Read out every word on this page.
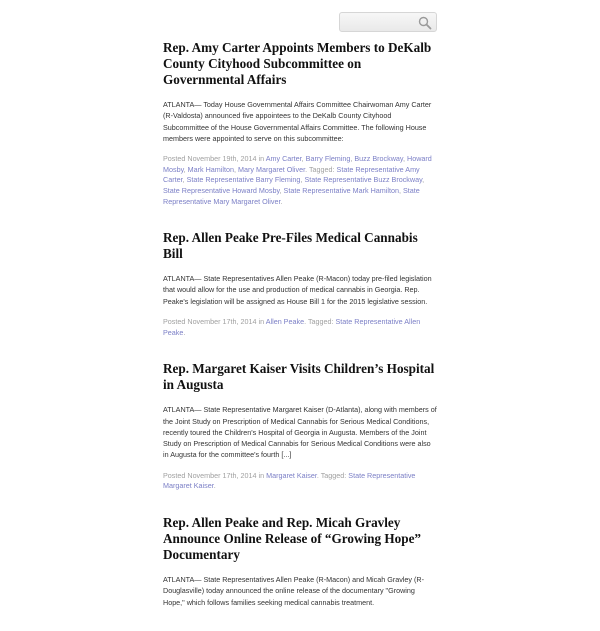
Rep. Amy Carter Appoints Members to DeKalb County Cityhood Subcommittee on Governmental Affairs

ATLANTA— Today House Governmental Affairs Committee Chairwoman Amy Carter (R-Valdosta) announced five appointees to the DeKalb County Cityhood Subcommittee of the House Governmental Affairs Committee. The following House members were appointed to serve on this subcommittee:

Posted November 19th, 2014 in Amy Carter, Barry Fleming, Buzz Brockway, Howard Mosby, Mark Hamilton, Mary Margaret Oliver. Tagged: State Representative Amy Carter, State Representative Barry Fleming, State Representative Buzz Brockway, State Representative Howard Mosby, State Representative Mark Hamilton, State Representative Mary Margaret Oliver.
Rep. Allen Peake Pre-Files Medical Cannabis Bill

ATLANTA— State Representatives Allen Peake (R-Macon) today pre-filed legislation that would allow for the use and production of medical cannabis in Georgia. Rep. Peake's legislation will be assigned as House Bill 1 for the 2015 legislative session.

Posted November 17th, 2014 in Allen Peake. Tagged: State Representative Allen Peake.
Rep. Margaret Kaiser Visits Children’s Hospital in Augusta

ATLANTA— State Representative Margaret Kaiser (D-Atlanta), along with members of the Joint Study on Prescription of Medical Cannabis for Serious Medical Conditions, recently toured the Children's Hospital of Georgia in Augusta. Members of the Joint Study on Prescription of Medical Cannabis for Serious Medical Conditions were also in Augusta for the committee's fourth [...]

Posted November 17th, 2014 in Margaret Kaiser. Tagged: State Representative Margaret Kaiser.
Rep. Allen Peake and Rep. Micah Gravley Announce Online Release of “Growing Hope” Documentary

ATLANTA— State Representatives Allen Peake (R-Macon) and Micah Gravley (R-Douglasville) today announced the online release of the documentary "Growing Hope," which follows families seeking medical cannabis treatment.
